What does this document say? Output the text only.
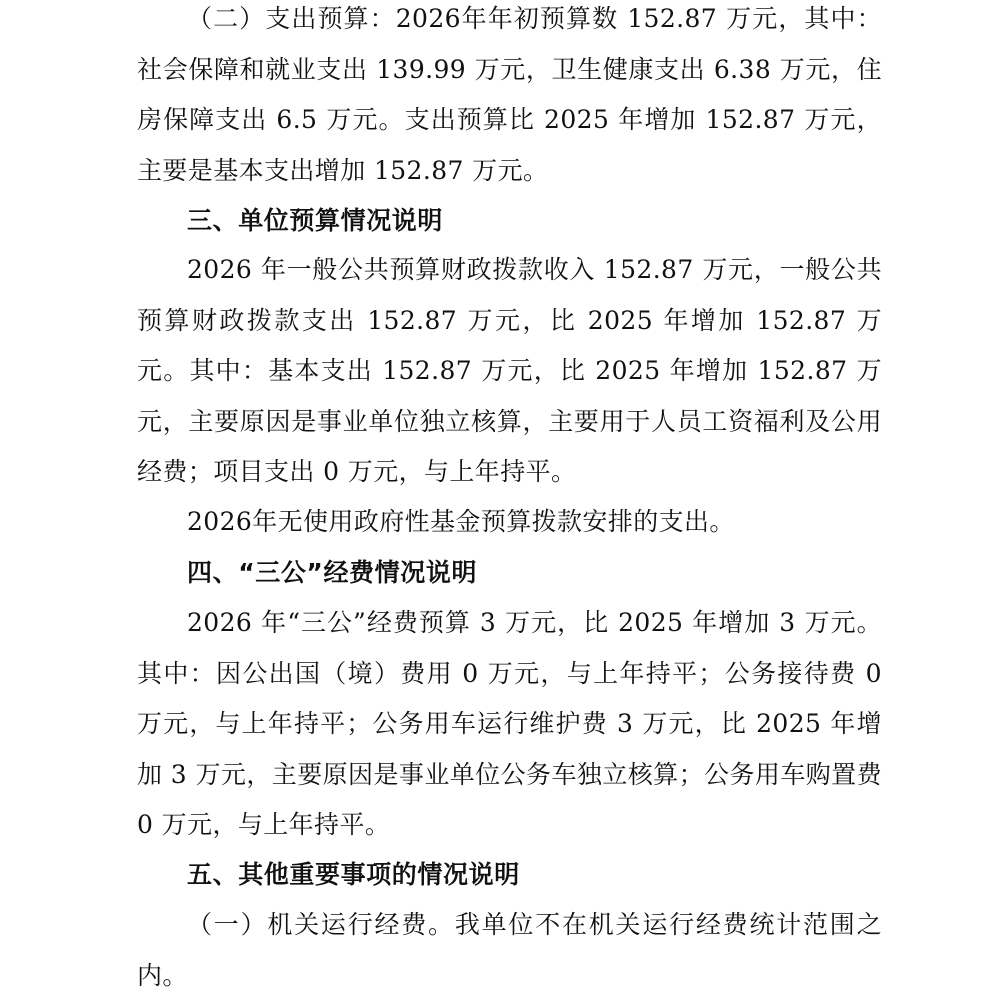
（二）支出预算：2026年年初预算数 152.87 万元，其中：社会保障和就业支出 139.99 万元，卫生健康支出 6.38 万元，住房保障支出 6.5 万元。支出预算比 2025 年增加 152.87 万元，主要是基本支出增加 152.87 万元。

三、单位预算情况说明

2026 年一般公共预算财政拨款收入 152.87 万元，一般公共预算财政拨款支出 152.87 万元，比 2025 年增加 152.87 万元。其中：基本支出 152.87 万元，比 2025 年增加 152.87 万元，主要原因是事业单位独立核算，主要用于人员工资福利及公用经费；项目支出 0 万元，与上年持平。

2026年无使用政府性基金预算拨款安排的支出。

四、“三公”经费情况说明

2026 年“三公”经费预算 3 万元，比 2025 年增加 3 万元。其中：因公出国（境）费用 0 万元，与上年持平；公务接待费 0 万元，与上年持平；公务用车运行维护费 3 万元，比 2025 年增加 3 万元，主要原因是事业单位公务车独立核算；公务用车购置费 0 万元，与上年持平。

五、其他重要事项的情况说明

（一）机关运行经费。我单位不在机关运行经费统计范围之内。
